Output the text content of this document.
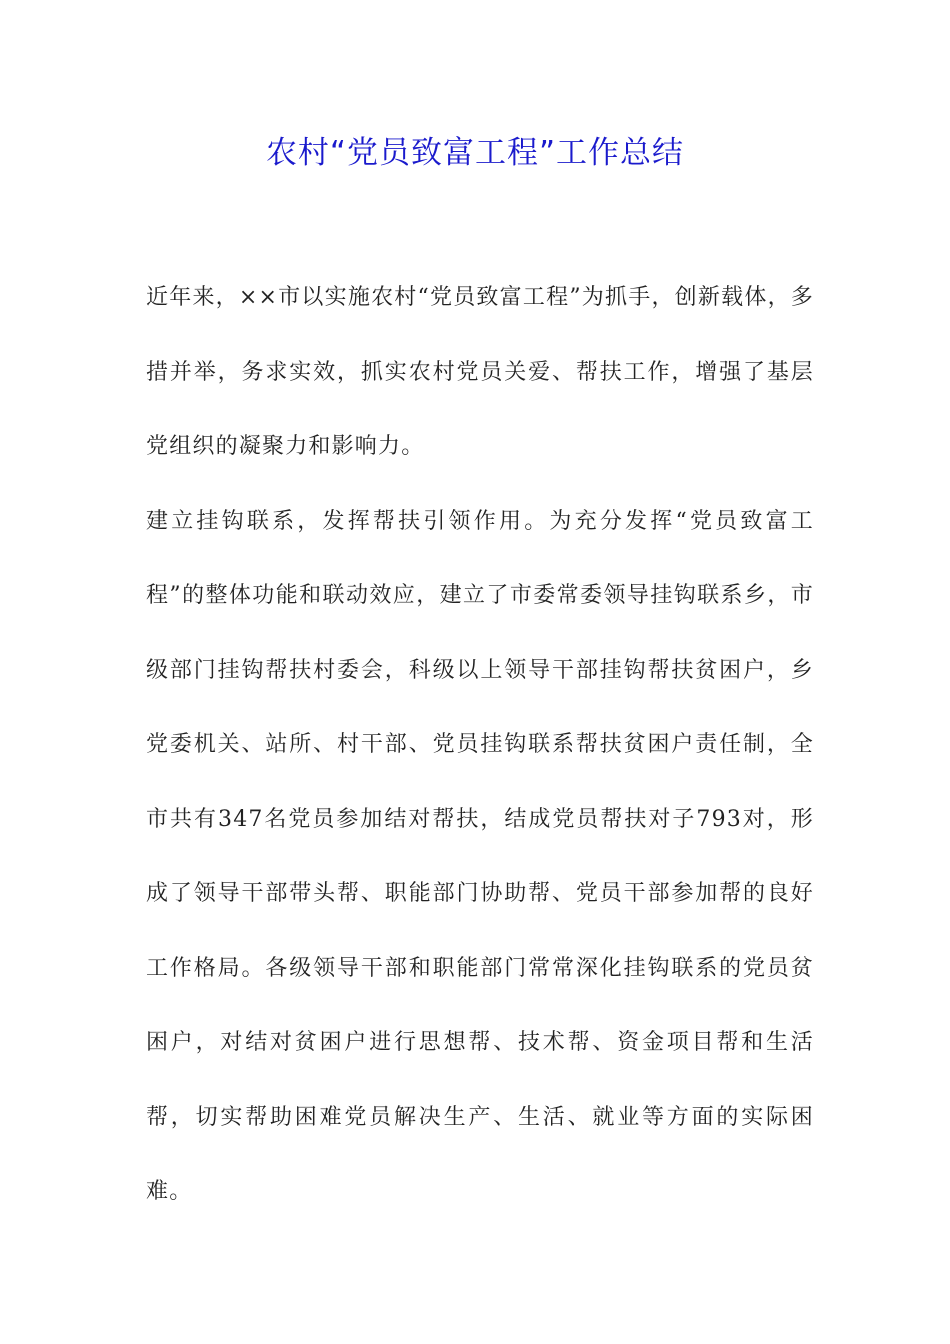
农村“党员致富工程”工作总结

近年来，××市以实施农村“党员致富工程”为抓手，创新载体，多措并举，务求实效，抓实农村党员关爱、帮扶工作，增强了基层党组织的凝聚力和影响力。

建立挂钩联系，发挥帮扶引领作用。为充分发挥“党员致富工程”的整体功能和联动效应，建立了市委常委领导挂钩联系乡，市级部门挂钩帮扶村委会，科级以上领导干部挂钩帮扶贫困户，乡党委机关、站所、村干部、党员挂钩联系帮扶贫困户责任制，全市共有347名党员参加结对帮扶，结成党员帮扶对子793对，形成了领导干部带头帮、职能部门协助帮、党员干部参加帮的良好工作格局。各级领导干部和职能部门常常深化挂钩联系的党员贫困户，对结对贫困户进行思想帮、技术帮、资金项目帮和生活帮，切实帮助困难党员解决生产、生活、就业等方面的实际困难。
